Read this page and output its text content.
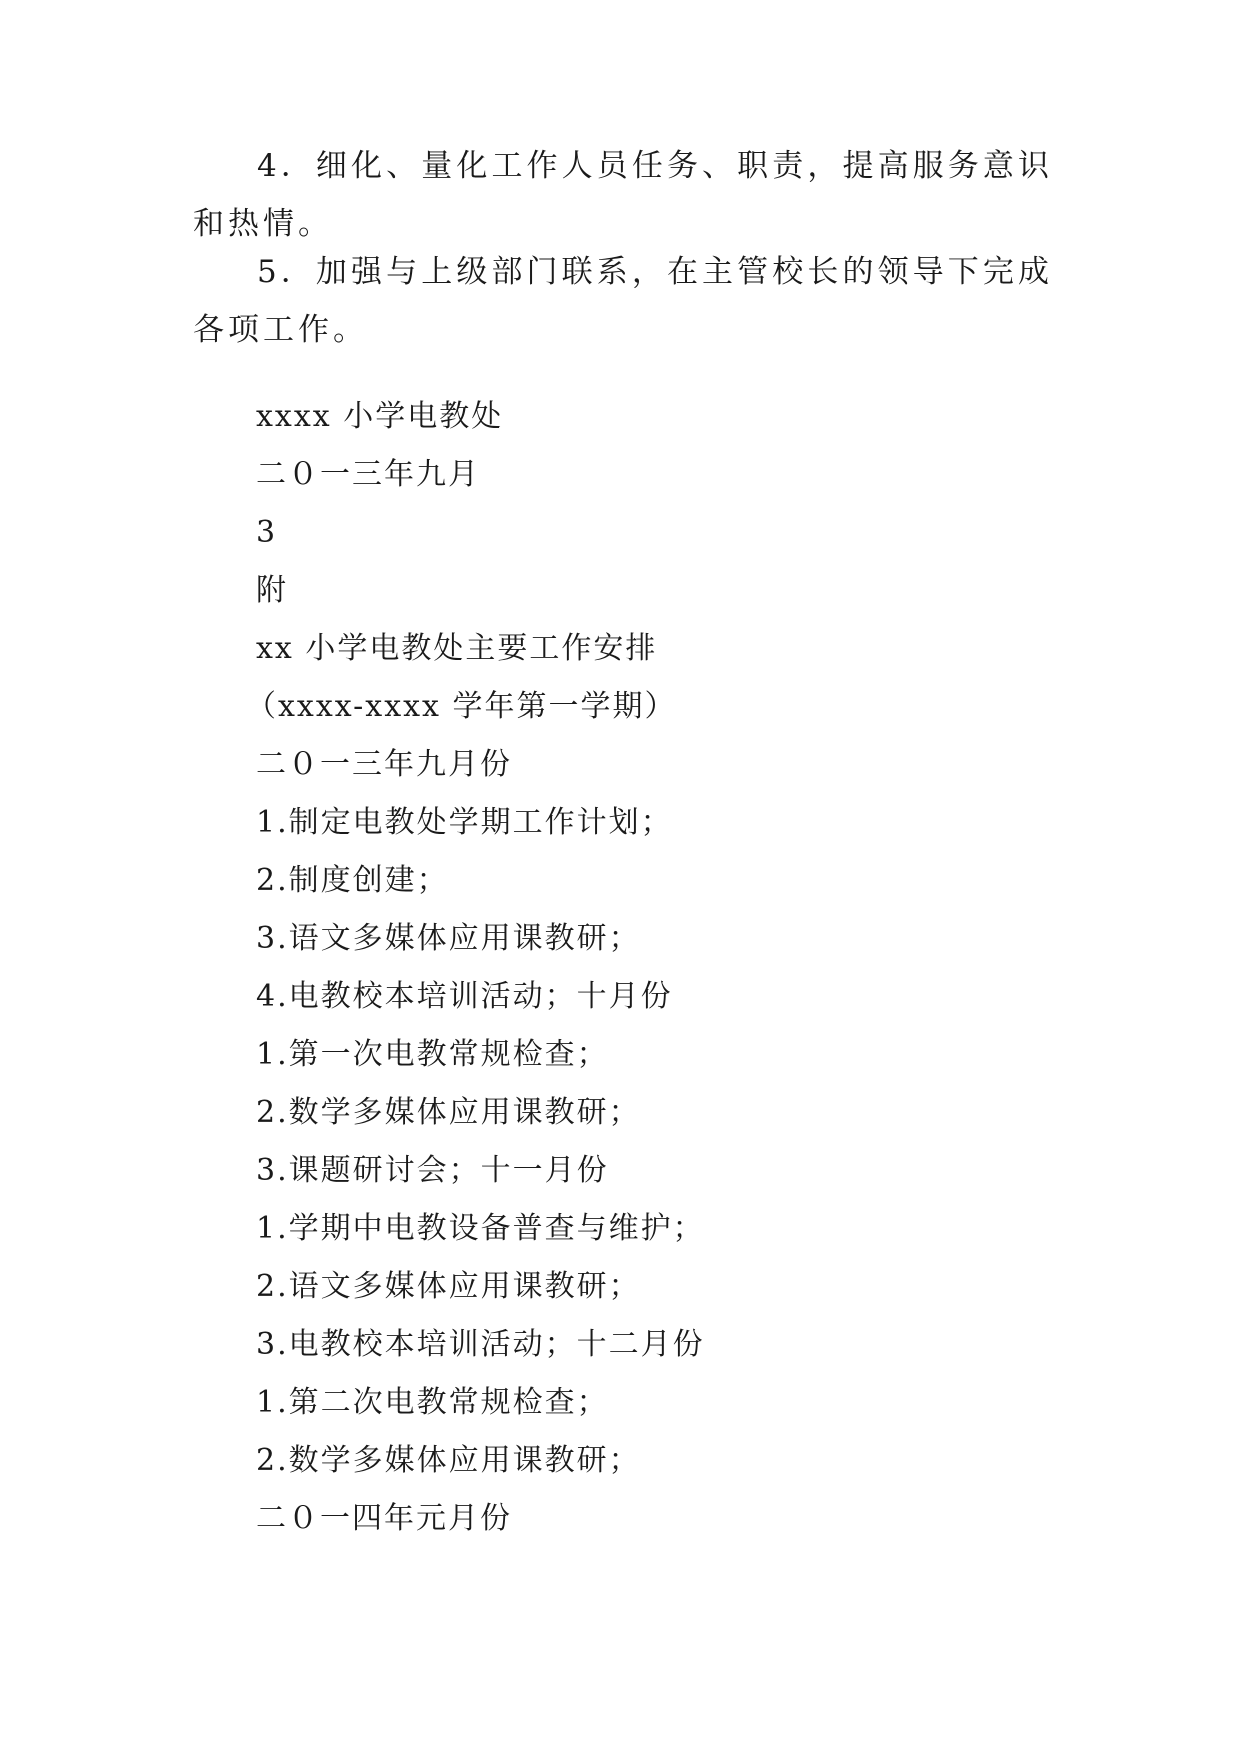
4．细化、量化工作人员任务、职责，提高服务意识和热情。

5．加强与上级部门联系，在主管校长的领导下完成各项工作。

xxxx 小学电教处

二０一三年九月

3

附

xx 小学电教处主要工作安排

（xxxx-xxxx 学年第一学期）

二０一三年九月份

1.制定电教处学期工作计划；

2.制度创建；

3.语文多媒体应用课教研；

4.电教校本培训活动；十月份

1.第一次电教常规检查；

2.数学多媒体应用课教研；

3.课题研讨会；十一月份

1.学期中电教设备普查与维护；

2.语文多媒体应用课教研；

3.电教校本培训活动；十二月份

1.第二次电教常规检查；

2.数学多媒体应用课教研；

二０一四年元月份
